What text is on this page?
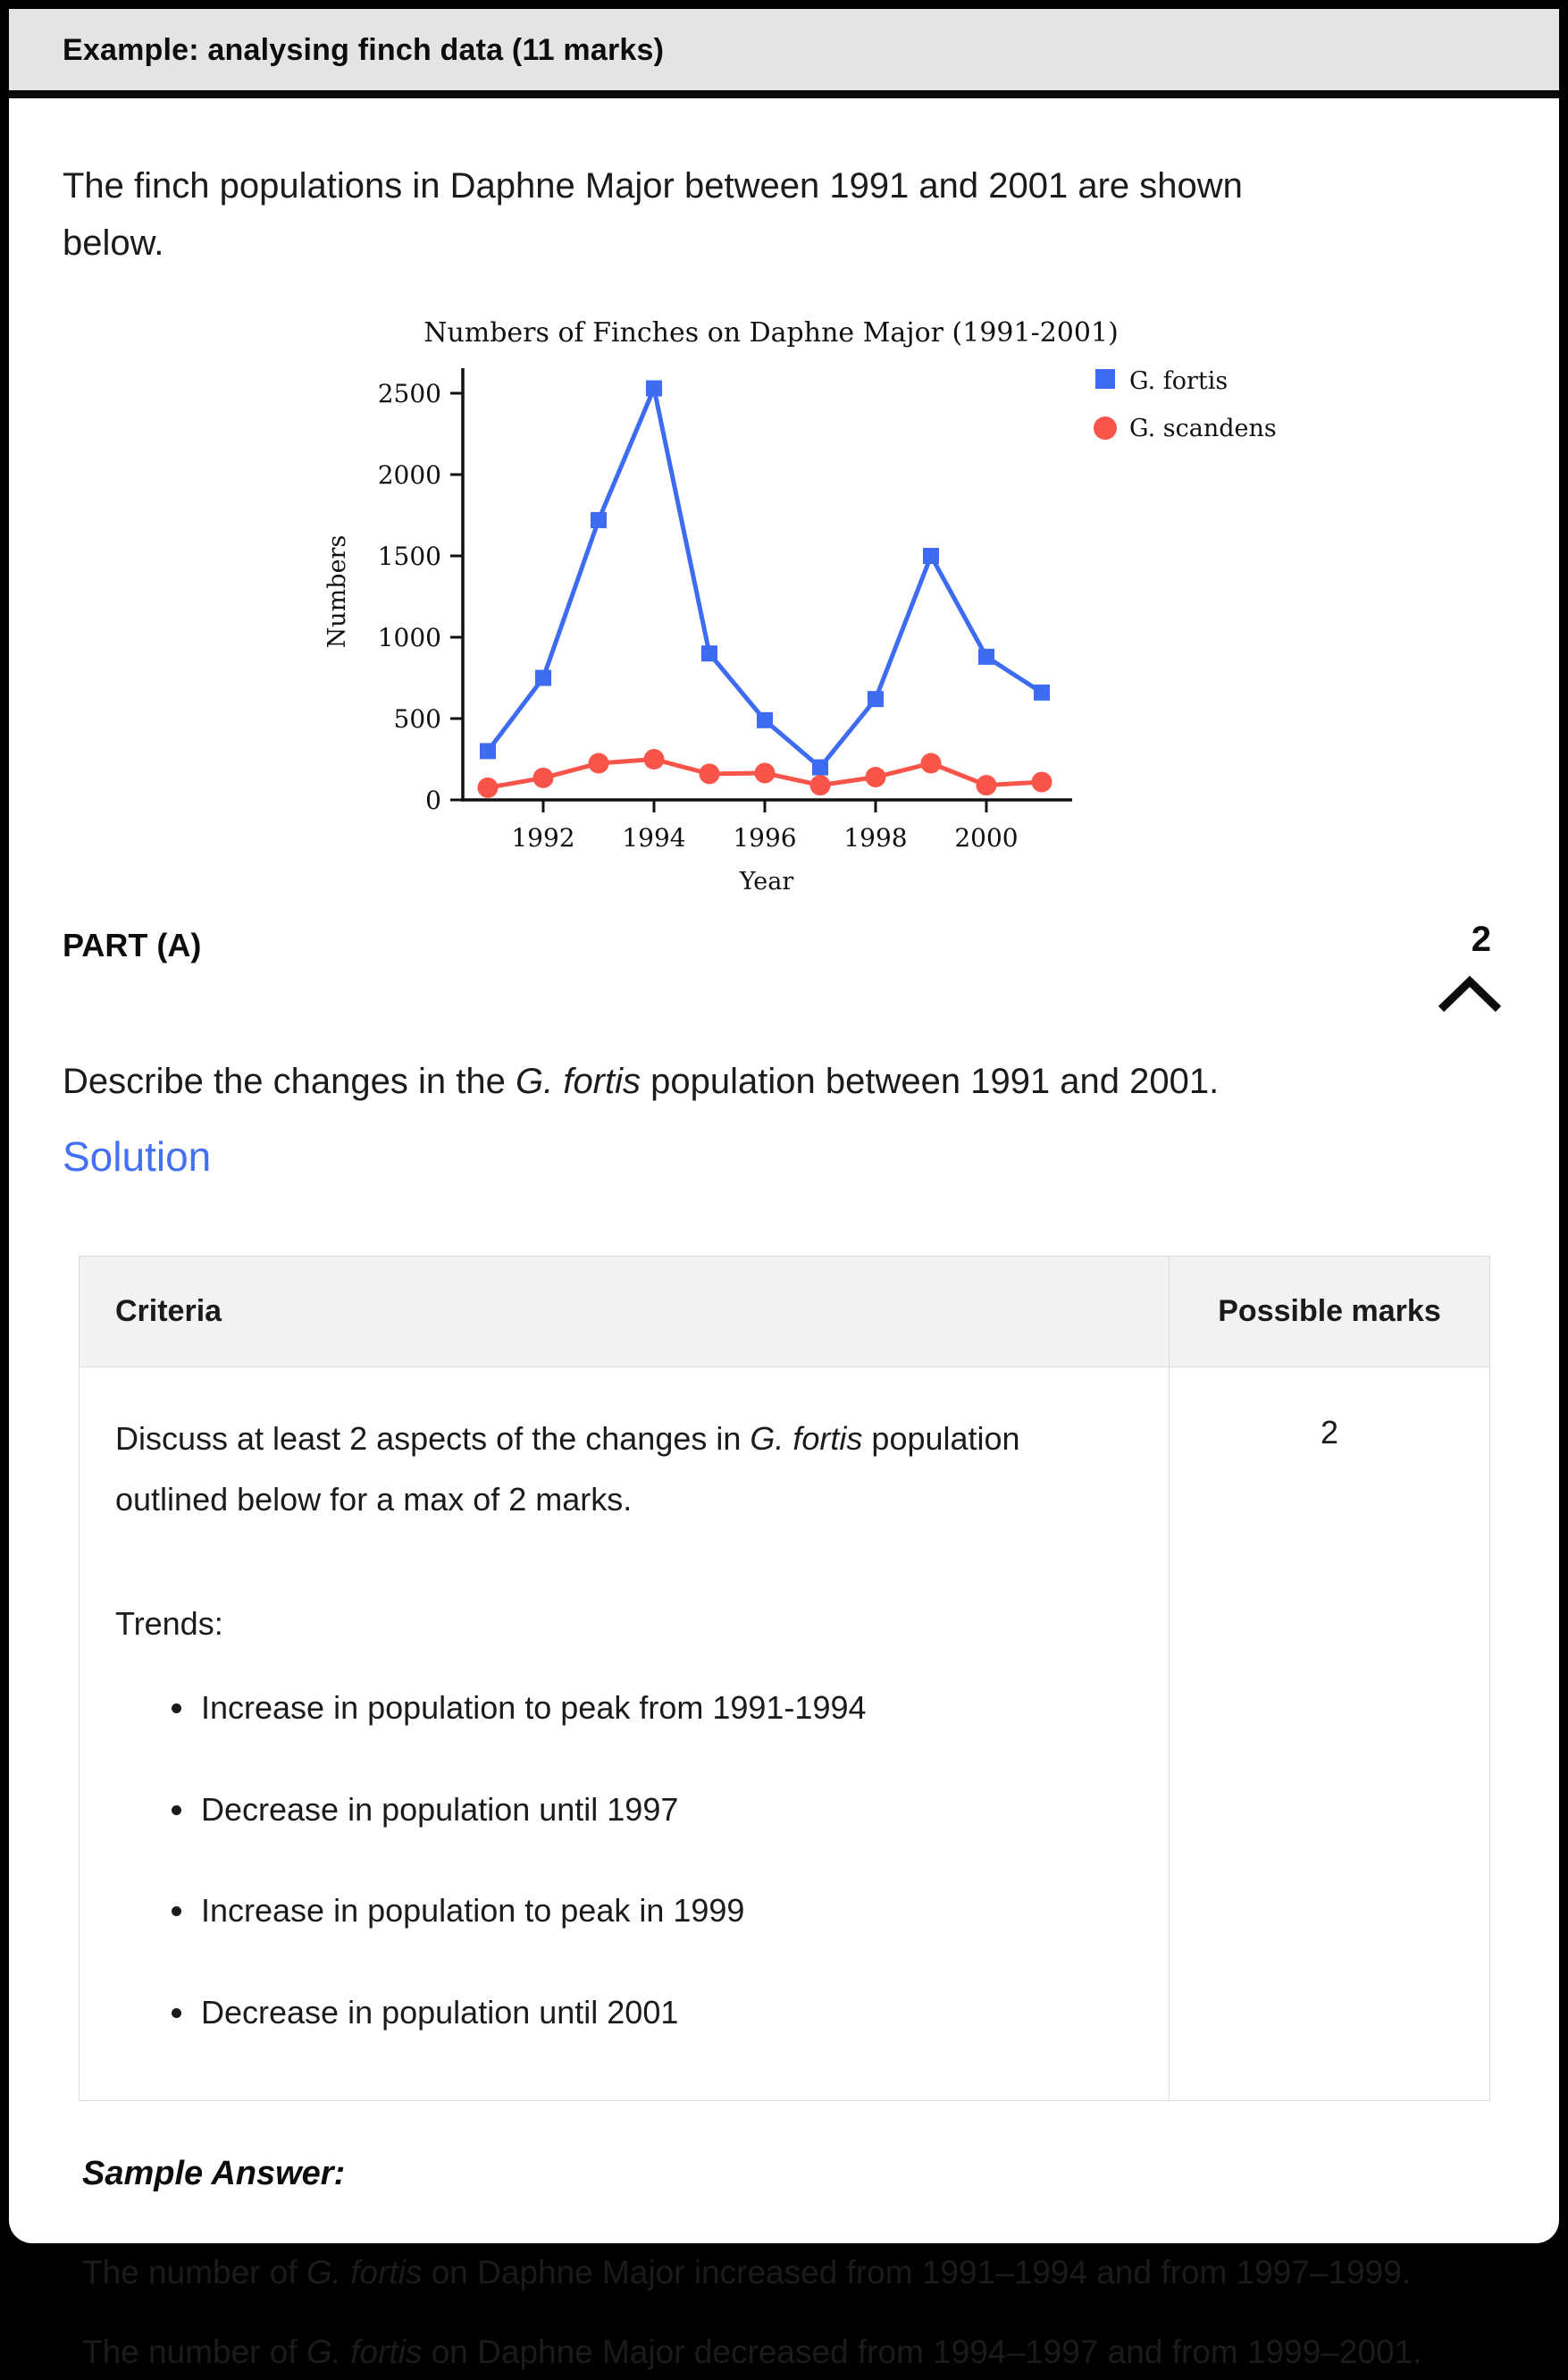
Example: analysing finch data (11 marks)

The finch populations in Daphne Major between 1991 and 2001 are shown below.

0
500
1000
1500
2000
2500
1992 1994 1996 1998 2000
Numbers of Finches on Daphne Major (1991-2001)
Numbers
Year
G. fortis
G. scandens
PART (A)	2

Describe the changes in the G. fortis population between 1991 and 2001.

Solution
Criteria	Possible marks

Discuss at least 2 aspects of the changes in G. fortis population outlined below for a max of 2 marks.

Trends:

• Increase in population to peak from 1991-1994
• Decrease in population until 1997
• Increase in population to peak in 1999
• Decrease in population until 2001
	2
Sample Answer:

The number of G. fortis on Daphne Major increased from 1991–1994 and from 1997–1999.

The number of G. fortis on Daphne Major decreased from 1994–1997 and from 1999–2001.
